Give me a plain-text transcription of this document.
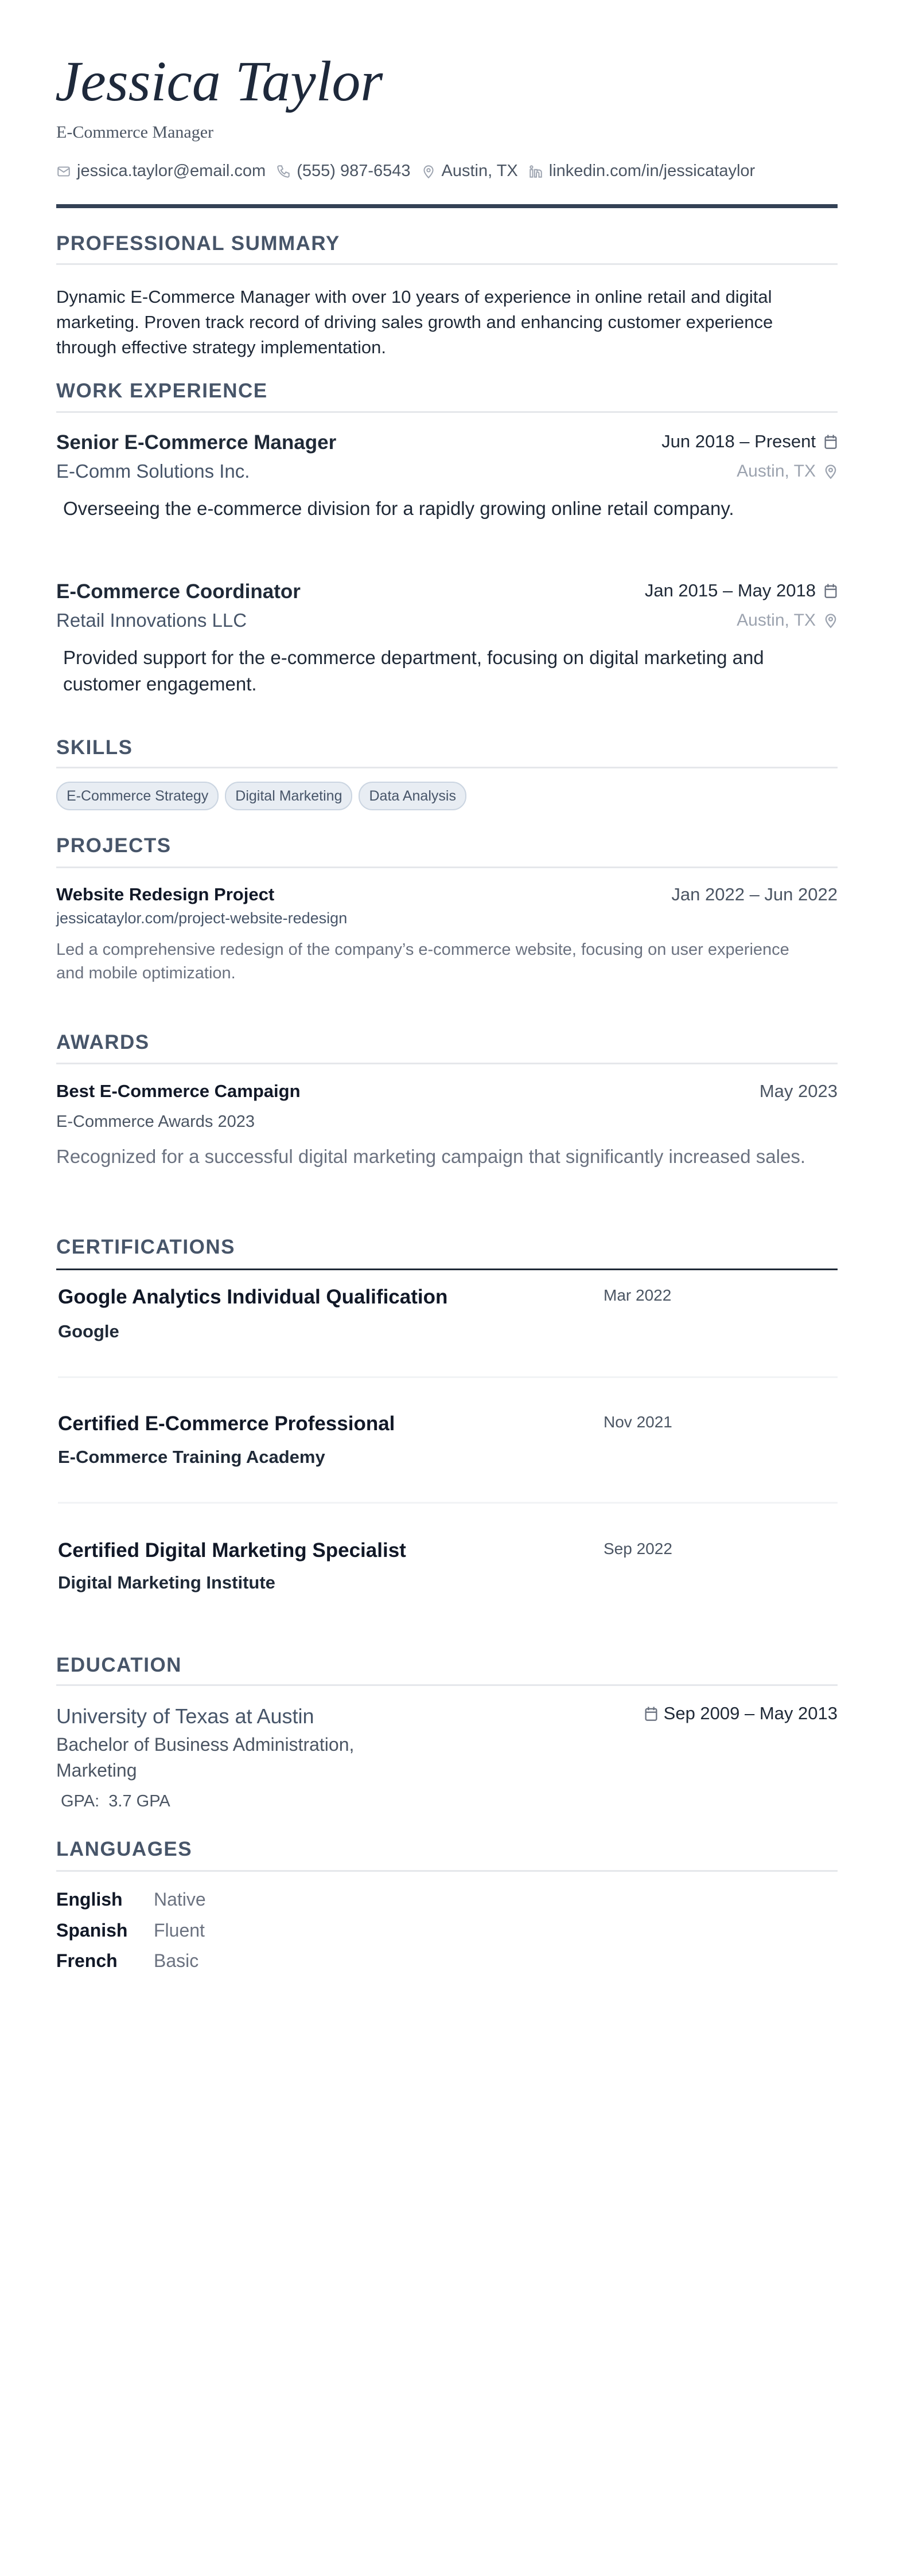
Jessica Taylor
E-Commerce Manager
jessica.taylor@email.com (555) 987-6543 Austin, TX linkedin.com/in/jessicataylor
PROFESSIONAL SUMMARY
Dynamic E-Commerce Manager with over 10 years of experience in online retail and digital marketing. Proven track record of driving sales growth and enhancing customer experience through effective strategy implementation.
WORK EXPERIENCE
Senior E-Commerce Manager	Jun 2018 – Present
E-Comm Solutions Inc.	Austin, TX
Overseeing the e-commerce division for a rapidly growing online retail company.
E-Commerce Coordinator	Jan 2015 – May 2018
Retail Innovations LLC	Austin, TX
Provided support for the e-commerce department, focusing on digital marketing and customer engagement.
SKILLS
E-Commerce Strategy	Digital Marketing	Data Analysis
PROJECTS
Website Redesign Project	Jan 2022 – Jun 2022
jessicataylor.com/project-website-redesign
Led a comprehensive redesign of the company’s e-commerce website, focusing on user experience and mobile optimization.
AWARDS
Best E-Commerce Campaign	May 2023
E-Commerce Awards 2023
Recognized for a successful digital marketing campaign that significantly increased sales.
CERTIFICATIONS
Google Analytics Individual Qualification	Mar 2022
Google
Certified E-Commerce Professional	Nov 2021
E-Commerce Training Academy
Certified Digital Marketing Specialist	Sep 2022
Digital Marketing Institute
EDUCATION
University of Texas at Austin	Sep 2009 – May 2013
Bachelor of Business Administration, Marketing
GPA: 3.7 GPA
LANGUAGES
English Native
Spanish Fluent
French Basic
